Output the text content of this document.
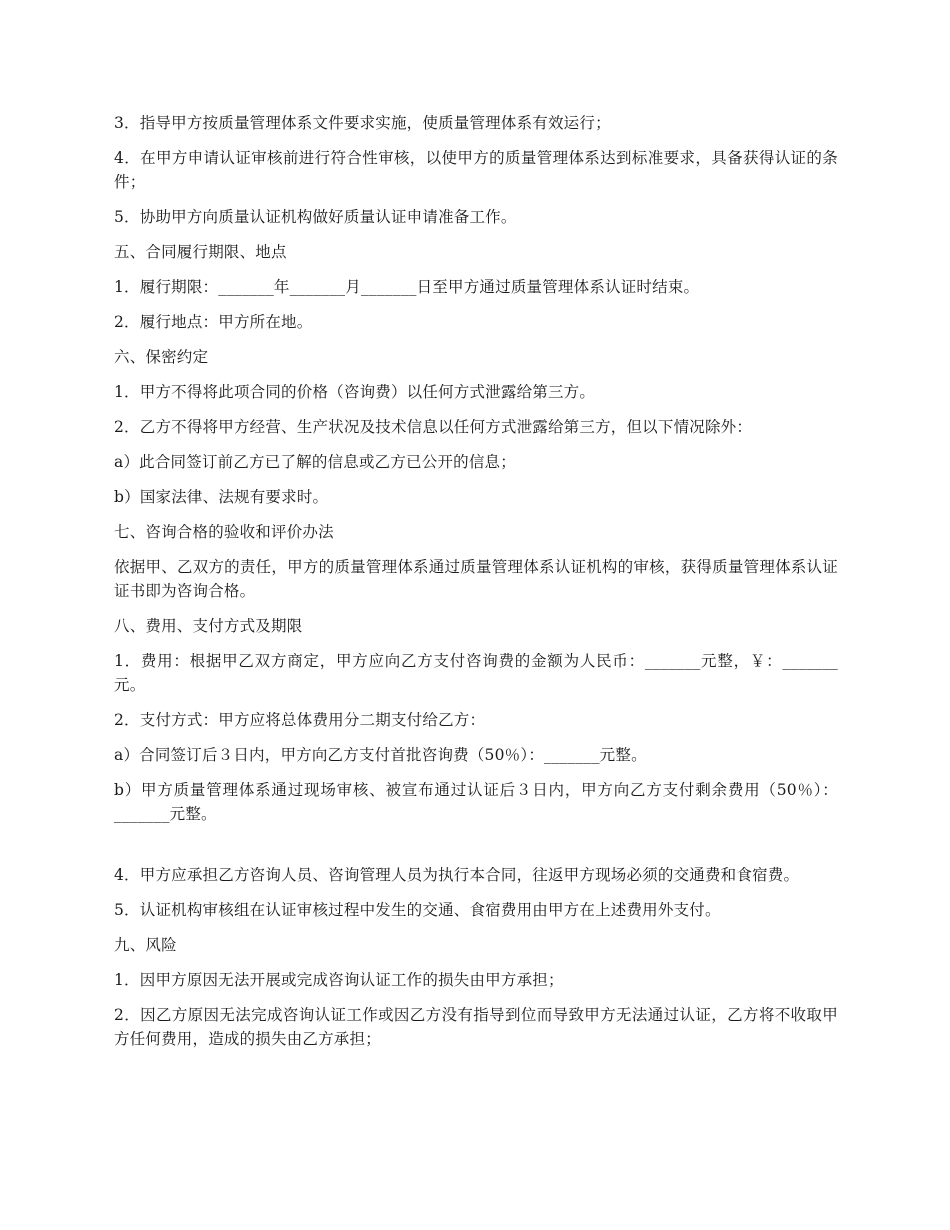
3．指导甲方按质量管理体系文件要求实施，使质量管理体系有效运行；

4．在甲方申请认证审核前进行符合性审核，以使甲方的质量管理体系达到标准要求，具备获得认证的条件；

5．协助甲方向质量认证机构做好质量认证申请准备工作。

五、合同履行期限、地点

1．履行期限：_______年_______月_______日至甲方通过质量管理体系认证时结束。

2．履行地点：甲方所在地。

六、保密约定

1．甲方不得将此项合同的价格（咨询费）以任何方式泄露给第三方。

2．乙方不得将甲方经营、生产状况及技术信息以任何方式泄露给第三方，但以下情况除外：

a）此合同签订前乙方已了解的信息或乙方已公开的信息；

b）国家法律、法规有要求时。

七、咨询合格的验收和评价办法

依据甲、乙双方的责任，甲方的质量管理体系通过质量管理体系认证机构的审核，获得质量管理体系认证证书即为咨询合格。

八、费用、支付方式及期限

1．费用：根据甲乙双方商定，甲方应向乙方支付咨询费的金额为人民币：_______元整，￥：_______元。

2．支付方式：甲方应将总体费用分二期支付给乙方：

a）合同签订后３日内，甲方向乙方支付首批咨询费（50％）：_______元整。

b）甲方质量管理体系通过现场审核、被宣布通过认证后３日内，甲方向乙方支付剩余费用（50％）：_______元整。

4．甲方应承担乙方咨询人员、咨询管理人员为执行本合同，往返甲方现场必须的交通费和食宿费。

5．认证机构审核组在认证审核过程中发生的交通、食宿费用由甲方在上述费用外支付。

九、风险

1．因甲方原因无法开展或完成咨询认证工作的损失由甲方承担；

2．因乙方原因无法完成咨询认证工作或因乙方没有指导到位而导致甲方无法通过认证，乙方将不收取甲方任何费用，造成的损失由乙方承担；
